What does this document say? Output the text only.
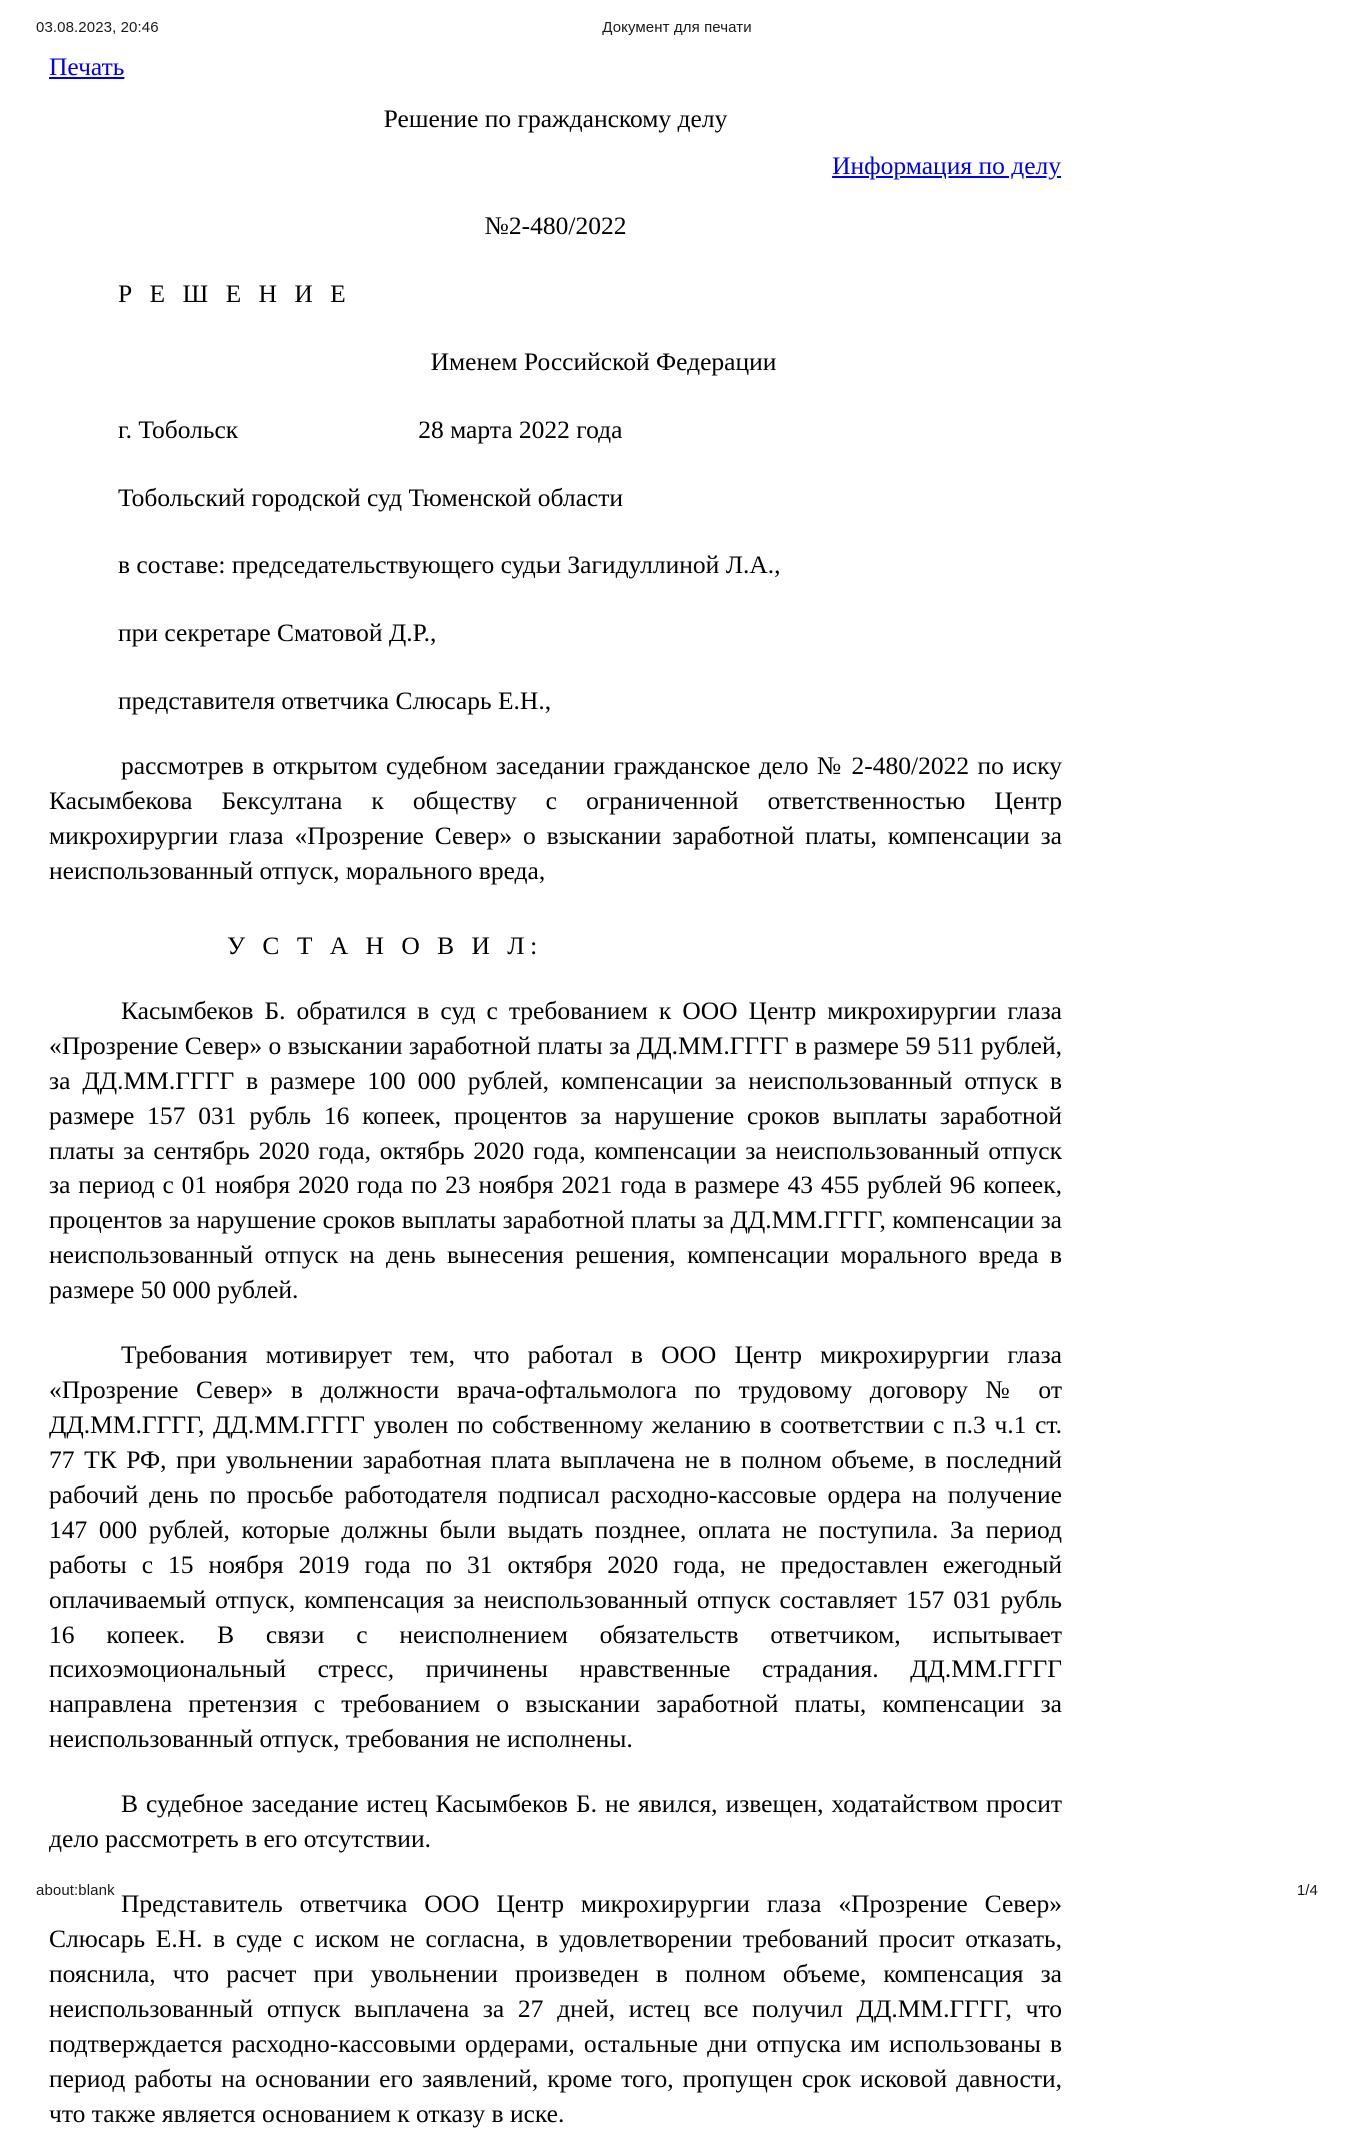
03.08.2023, 20:46	Документ для печати
Печать
Решение по гражданскому делу
Информация по делу
№2-480/2022
Р Е Ш Е Н И Е
Именем Российской Федерации
г. Тобольск	28 марта 2022 года
Тобольский городской суд Тюменской области
в составе: председательствующего судьи Загидуллиной Л.А.,
при секретаре Сматовой Д.Р.,
представителя ответчика Слюсарь Е.Н.,
рассмотрев в открытом судебном заседании гражданское дело № 2-480/2022 по иску Касымбекова Бексултана к обществу с ограниченной ответственностью Центр микрохирургии глаза «Прозрение Север» о взыскании заработной платы, компенсации за неиспользованный отпуск, морального вреда,
У С Т А Н О В И Л:
Касымбеков Б. обратился в суд с требованием к ООО Центр микрохирургии глаза «Прозрение Север» о взыскании заработной платы за ДД.ММ.ГГГГ в размере 59 511 рублей, за ДД.ММ.ГГГГ в размере 100 000 рублей, компенсации за неиспользованный отпуск в размере 157 031 рубль 16 копеек, процентов за нарушение сроков выплаты заработной платы за сентябрь 2020 года, октябрь 2020 года, компенсации за неиспользованный отпуск за период с 01 ноября 2020 года по 23 ноября 2021 года в размере 43 455 рублей 96 копеек, процентов за нарушение сроков выплаты заработной платы за ДД.ММ.ГГГГ, компенсации за неиспользованный отпуск на день вынесения решения, компенсации морального вреда в размере 50 000 рублей.
Требования мотивирует тем, что работал в ООО Центр микрохирургии глаза «Прозрение Север» в должности врача-офтальмолога по трудовому договору № от ДД.ММ.ГГГГ, ДД.ММ.ГГГГ уволен по собственному желанию в соответствии с п.3 ч.1 ст. 77 ТК РФ, при увольнении заработная плата выплачена не в полном объеме, в последний рабочий день по просьбе работодателя подписал расходно-кассовые ордера на получение 147 000 рублей, которые должны были выдать позднее, оплата не поступила. За период работы с 15 ноября 2019 года по 31 октября 2020 года, не предоставлен ежегодный оплачиваемый отпуск, компенсация за неиспользованный отпуск составляет 157 031 рубль 16 копеек. В связи с неисполнением обязательств ответчиком, испытывает психоэмоциональный стресс, причинены нравственные страдания. ДД.ММ.ГГГГ направлена претензия с требованием о взыскании заработной платы, компенсации за неиспользованный отпуск, требования не исполнены.
В судебное заседание истец Касымбеков Б. не явился, извещен, ходатайством просит дело рассмотреть в его отсутствии.
Представитель ответчика ООО Центр микрохирургии глаза «Прозрение Север» Слюсарь Е.Н. в суде с иском не согласна, в удовлетворении требований просит отказать, пояснила, что расчет при увольнении произведен в полном объеме, компенсация за неиспользованный отпуск выплачена за 27 дней, истец все получил ДД.ММ.ГГГГ, что подтверждается расходно-кассовыми ордерами, остальные дни отпуска им использованы в период работы на основании его заявлений, кроме того, пропущен срок исковой давности, что также является основанием к отказу в иске.
about:blank	1/4
